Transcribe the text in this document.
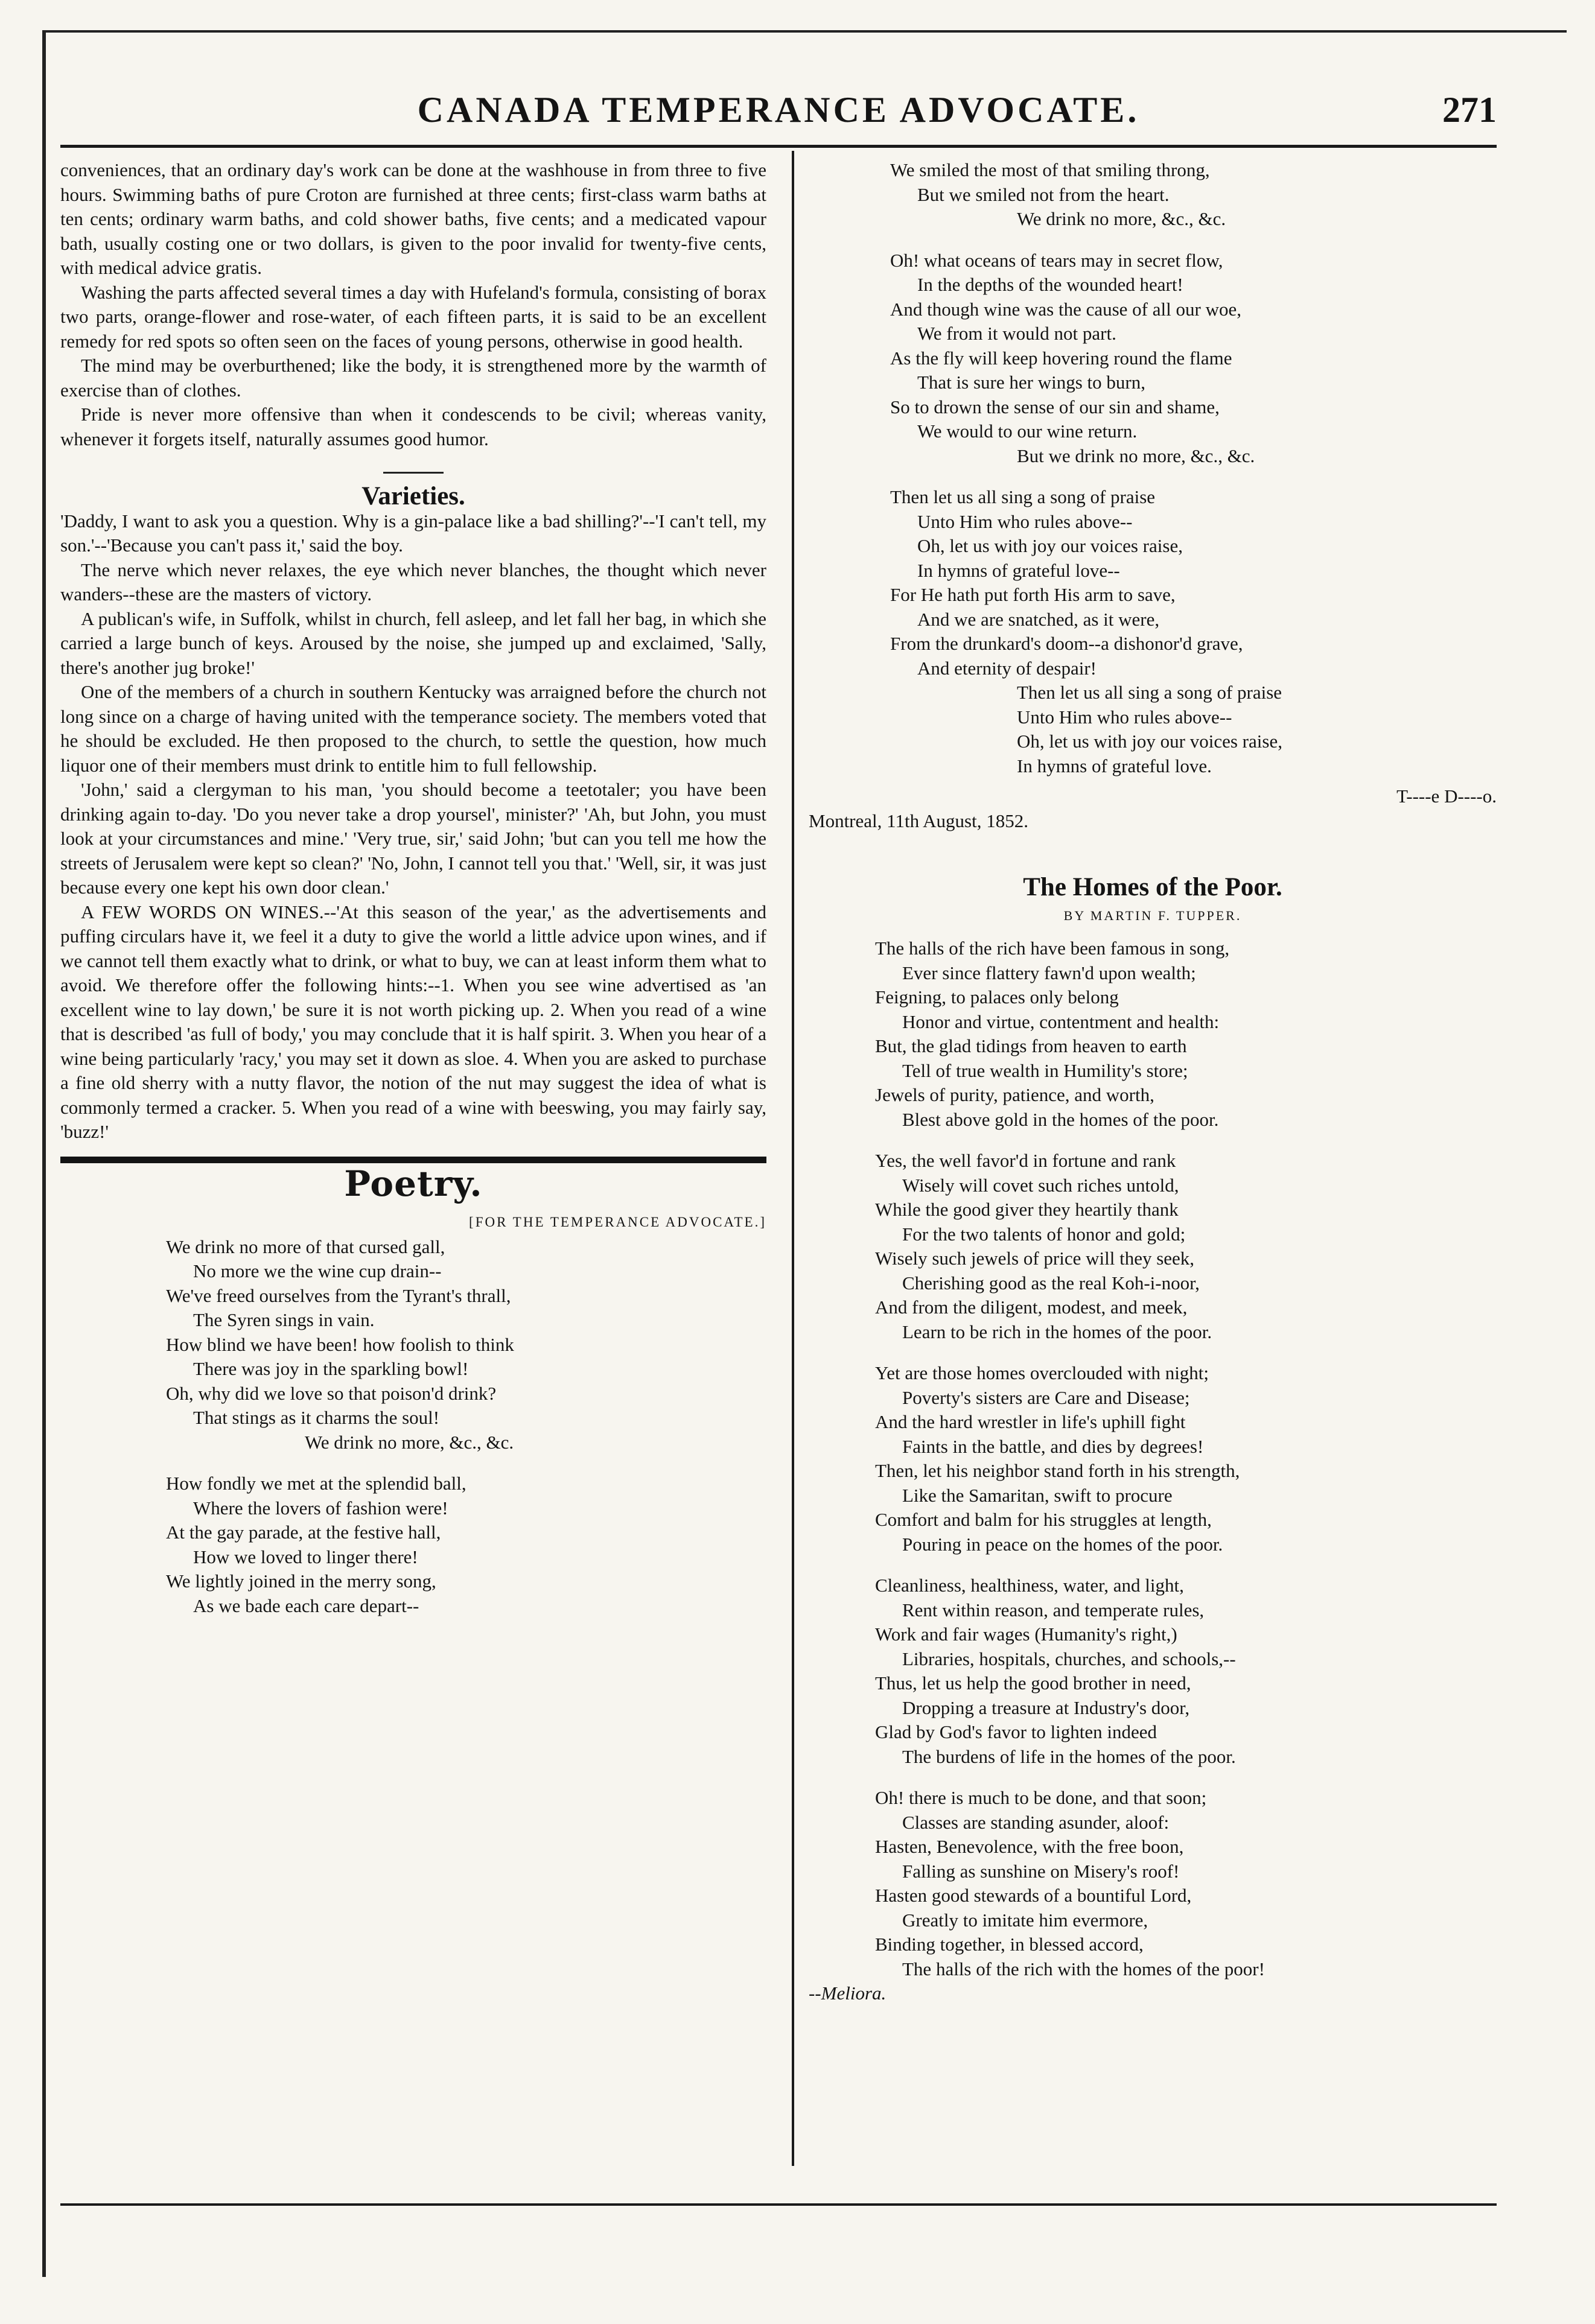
CANADA TEMPERANCE ADVOCATE.	271

conveniences, that an ordinary day's work can be done at the washhouse in from three to five hours. Swimming baths of pure Croton are furnished at three cents; first-class warm baths at ten cents; ordinary warm baths, and cold shower baths, five cents; and a medicated vapour bath, usually costing one or two dollars, is given to the poor invalid for twenty-five cents, with medical advice gratis.

Washing the parts affected several times a day with Hufeland's formula, consisting of borax two parts, orange-flower and rose-water, of each fifteen parts, it is said to be an excellent remedy for red spots so often seen on the faces of young persons, otherwise in good health.

The mind may be overburthened; like the body, it is strengthened more by the warmth of exercise than of clothes.

Pride is never more offensive than when it condescends to be civil; whereas vanity, whenever it forgets itself, naturally assumes good humor.

Varieties.

'Daddy, I want to ask you a question. Why is a gin-palace like a bad shilling?'--'I can't tell, my son.'--'Because you can't pass it,' said the boy.

The nerve which never relaxes, the eye which never blanches, the thought which never wanders--these are the masters of victory.

A publican's wife, in Suffolk, whilst in church, fell asleep, and let fall her bag, in which she carried a large bunch of keys. Aroused by the noise, she jumped up and exclaimed, 'Sally, there's another jug broke!'

One of the members of a church in southern Kentucky was arraigned before the church not long since on a charge of having united with the temperance society. The members voted that he should be excluded. He then proposed to the church, to settle the question, how much liquor one of their members must drink to entitle him to full fellowship.

'John,' said a clergyman to his man, 'you should become a teetotaler; you have been drinking again to-day. 'Do you never take a drop yoursel', minister?' 'Ah, but John, you must look at your circumstances and mine.' 'Very true, sir,' said John; 'but can you tell me how the streets of Jerusalem were kept so clean?' 'No, John, I cannot tell you that.' 'Well, sir, it was just because every one kept his own door clean.'

A FEW WORDS ON WINES.--'At this season of the year,' as the advertisements and puffing circulars have it, we feel it a duty to give the world a little advice upon wines, and if we cannot tell them exactly what to drink, or what to buy, we can at least inform them what to avoid. We therefore offer the following hints:--1. When you see wine advertised as 'an excellent wine to lay down,' be sure it is not worth picking up. 2. When you read of a wine that is described 'as full of body,' you may conclude that it is half spirit. 3. When you hear of a wine being particularly 'racy,' you may set it down as sloe. 4. When you are asked to purchase a fine old sherry with a nutty flavor, the notion of the nut may suggest the idea of what is commonly termed a cracker. 5. When you read of a wine with beeswing, you may fairly say, 'buzz!'

Poetry.
[FOR THE TEMPERANCE ADVOCATE.]
We drink no more of that cursed gall,
No more we the wine cup drain--
We've freed ourselves from the Tyrant's thrall,
The Syren sings in vain.
How blind we have been! how foolish to think
There was joy in the sparkling bowl!
Oh, why did we love so that poison'd drink?
That stings as it charms the soul!
We drink no more, &c., &c.
How fondly we met at the splendid ball,
Where the lovers of fashion were!
At the gay parade, at the festive hall,
How we loved to linger there!
We lightly joined in the merry song,
As we bade each care depart--
We smiled the most of that smiling throng,
But we smiled not from the heart.
We drink no more, &c., &c.
Oh! what oceans of tears may in secret flow,
In the depths of the wounded heart!
And though wine was the cause of all our woe,
We from it would not part.
As the fly will keep hovering round the flame
That is sure her wings to burn,
So to drown the sense of our sin and shame,
We would to our wine return.
But we drink no more, &c., &c.
Then let us all sing a song of praise
Unto Him who rules above--
Oh, let us with joy our voices raise,
In hymns of grateful love--
For He hath put forth His arm to save,
And we are snatched, as it were,
From the drunkard's doom--a dishonor'd grave,
And eternity of despair!
Then let us all sing a song of praise
Unto Him who rules above--
Oh, let us with joy our voices raise,
In hymns of grateful love.
T----e D----o.
Montreal, 11th August, 1852.
The Homes of the Poor.
BY MARTIN F. TUPPER.
The halls of the rich have been famous in song,
Ever since flattery fawn'd upon wealth;
Feigning, to palaces only belong
Honor and virtue, contentment and health:
But, the glad tidings from heaven to earth
Tell of true wealth in Humility's store;
Jewels of purity, patience, and worth,
Blest above gold in the homes of the poor.
Yes, the well favor'd in fortune and rank
Wisely will covet such riches untold,
While the good giver they heartily thank
For the two talents of honor and gold;
Wisely such jewels of price will they seek,
Cherishing good as the real Koh-i-noor,
And from the diligent, modest, and meek,
Learn to be rich in the homes of the poor.
Yet are those homes overclouded with night;
Poverty's sisters are Care and Disease;
And the hard wrestler in life's uphill fight
Faints in the battle, and dies by degrees!
Then, let his neighbor stand forth in his strength,
Like the Samaritan, swift to procure
Comfort and balm for his struggles at length,
Pouring in peace on the homes of the poor.
Cleanliness, healthiness, water, and light,
Rent within reason, and temperate rules,
Work and fair wages (Humanity's right,)
Libraries, hospitals, churches, and schools,--
Thus, let us help the good brother in need,
Dropping a treasure at Industry's door,
Glad by God's favor to lighten indeed
The burdens of life in the homes of the poor.
Oh! there is much to be done, and that soon;
Classes are standing asunder, aloof:
Hasten, Benevolence, with the free boon,
Falling as sunshine on Misery's roof!
Hasten good stewards of a bountiful Lord,
Greatly to imitate him evermore,
Binding together, in blessed accord,
The halls of the rich with the homes of the poor!
--Meliora.
